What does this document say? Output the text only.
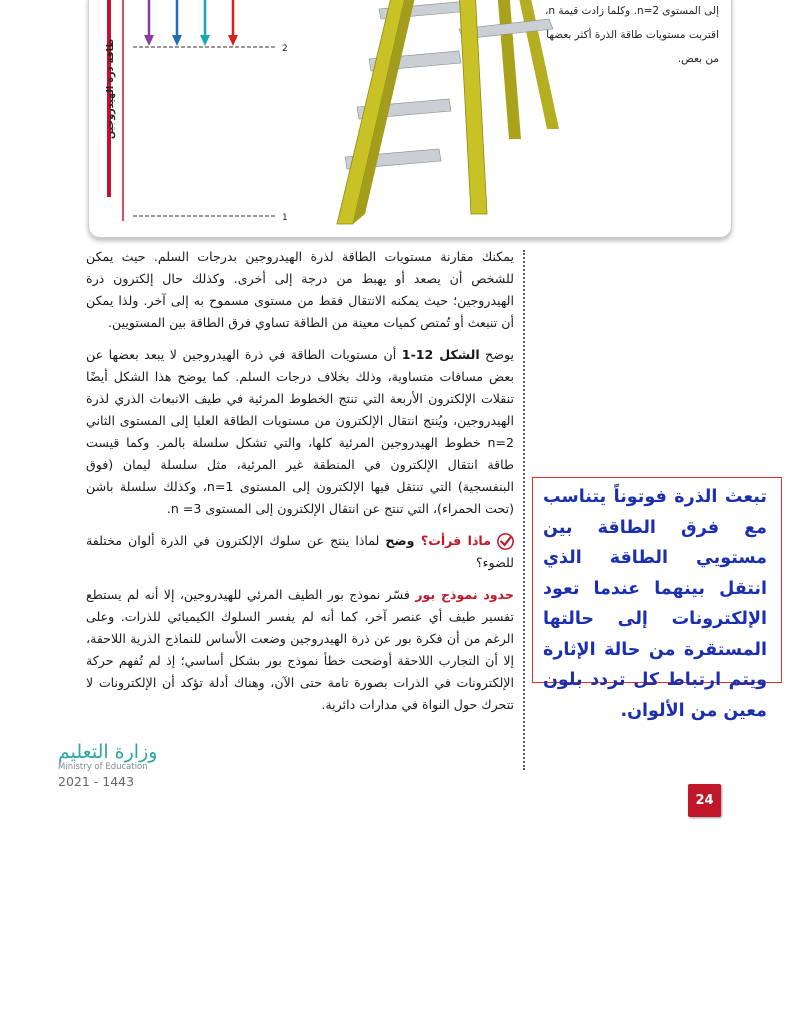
طاقة ذرة الهيدروجين	2
1
إلى المستوى n=2. وكلما زادت قيمة n،
اقتربت مستويات طاقة الذرة أكثر بعضها
من بعض.

يمكنك مقارنة مستويات الطاقة لذرة الهيدروجين بدرجات السلم. حيث يمكن للشخص أن يصعد أو يهبط من درجة إلى أخرى. وكذلك حال إلكترون ذرة الهيدروجين؛ حيث يمكنه الانتقال فقط من مستوى مسموح به إلى آخر. ولذا يمكن أن تنبعث أو تُمتص كميات معينة من الطاقة تساوي فرق الطاقة بين المستويين.

يوضح الشكل 12-1 أن مستويات الطاقة في ذرة الهيدروجين لا يبعد بعضها عن بعض مسافات متساوية، وذلك بخلاف درجات السلم. كما يوضح هذا الشكل أيضًا تنقلات الإلكترون الأربعة التي تنتج الخطوط المرئية في طيف الانبعاث الذري لذرة الهيدروجين، ويُنتج انتقال الإلكترون من مستويات الطاقة العليا إلى المستوى الثاني n=2 خطوط الهيدروجين المرئية كلها، والتي تشكل سلسلة بالمر. وكما قيست طاقة انتقال الإلكترون في المنطقة غير المرئية، مثل سلسلة ليمان (فوق البنفسجية) التي تنتقل فيها الإلكترون إلى المستوى n=1، وكذلك سلسلة باشن (تحت الحمراء)، التي تنتج عن انتقال الإلكترون إلى المستوى n =3.

ماذا قرأت؟ وضح لماذا ينتج عن سلوك الإلكترون في الذرة ألوان مختلفة للضوء؟

حدود نموذج بور فسّر نموذج بور الطيف المرئي للهيدروجين، إلا أنه لم يستطع تفسير طيف أي عنصر آخر، كما أنه لم يفسر السلوك الكيميائي للذرات. وعلى الرغم من أن فكرة بور عن ذرة الهيدروجين وضعت الأساس للنماذج الذرية اللاحقة، إلا أن التجارب اللاحقة أوضحت خطأ نموذج بور بشكل أساسي؛ إذ لم تُفهم حركة الإلكترونات في الذرات بصورة تامة حتى الآن، وهناك أدلة تؤكد أن الإلكترونات لا تتحرك حول النواة في مدارات دائرية.

تبعث الذرة فوتوناً يتناسب مع فرق الطاقة بين مستويي الطاقة الذي انتقل بينهما عندما تعود الإلكترونات إلى حالتها المستقرة من حالة الإثارة ويتم ارتباط كل تردد بلون معين من الألوان.
وزارة التعليم
Ministry of Education
2021 - 1443
24
